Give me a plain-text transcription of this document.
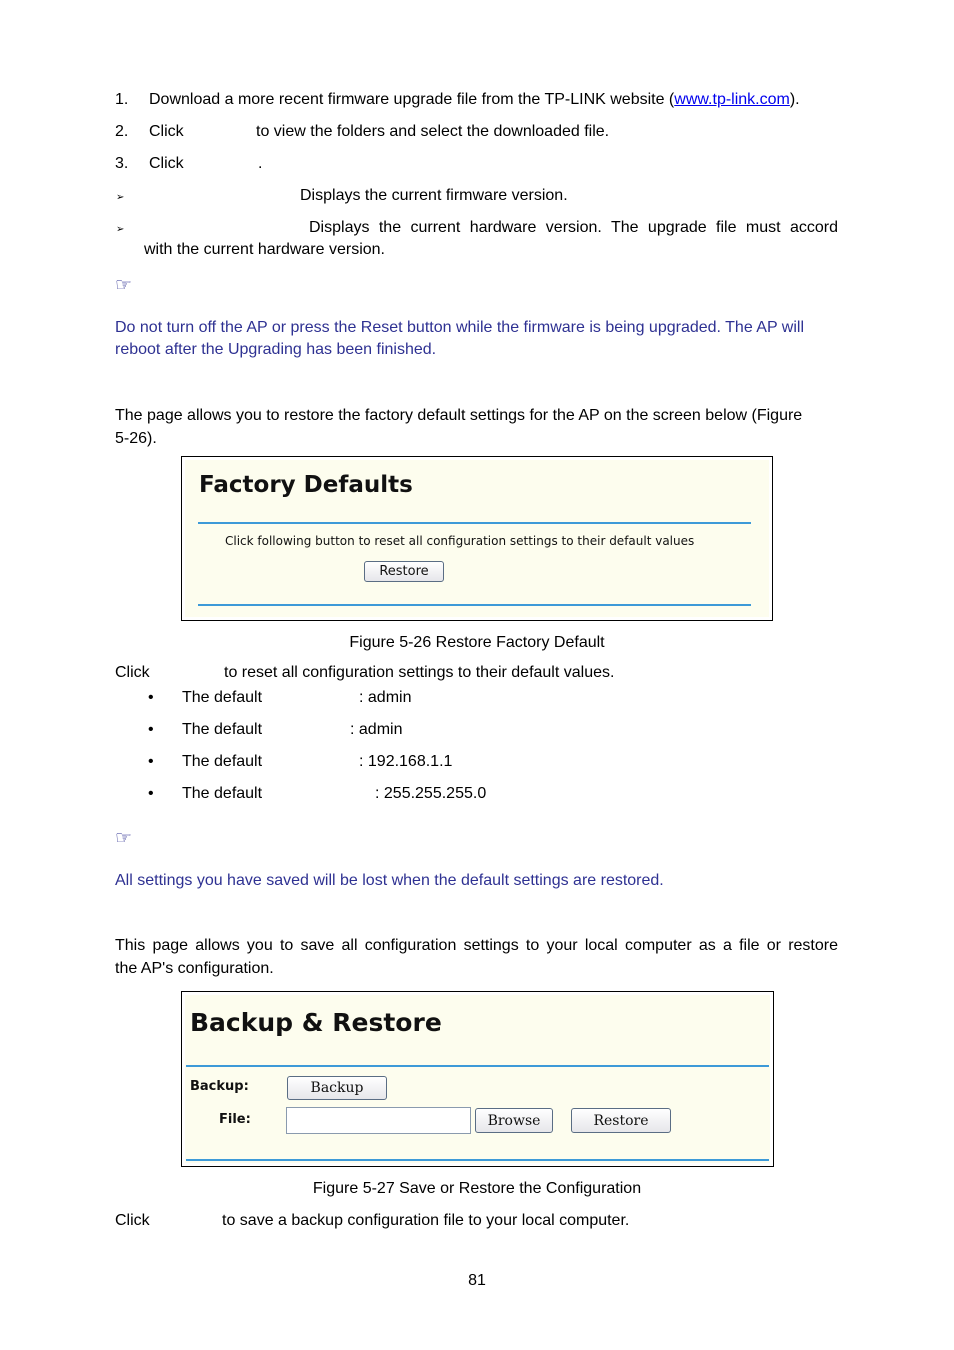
1. Download a more recent firmware upgrade file from the TP-LINK website (www.tp-link.com).
2. Click	to view the folders and select the downloaded file.
3. Click	.
➢	Displays the current firmware version.
➢	Displays the current hardware version. The upgrade file must accord
with the current hardware version.
☞
Do not turn off the AP or press the Reset button while the firmware is being upgraded. The AP will
reboot after the Upgrading has been finished.
The page allows you to restore the factory default settings for the AP on the screen below (Figure
5-26).
Factory Defaults
Click following button to reset all configuration settings to their default values
Restore
Figure 5-26 Restore Factory Default
Click	to reset all configuration settings to their default values.
• The default	: admin
• The default	: admin
• The default	: 192.168.1.1
• The default	: 255.255.255.0
☞
All settings you have saved will be lost when the default settings are restored.
This page allows you to save all configuration settings to your local computer as a file or restore
the AP's configuration.
Backup & Restore
Backup:	Backup
File:	Browse	Restore
Figure 5-27 Save or Restore the Configuration
Click	to save a backup configuration file to your local computer.
81
